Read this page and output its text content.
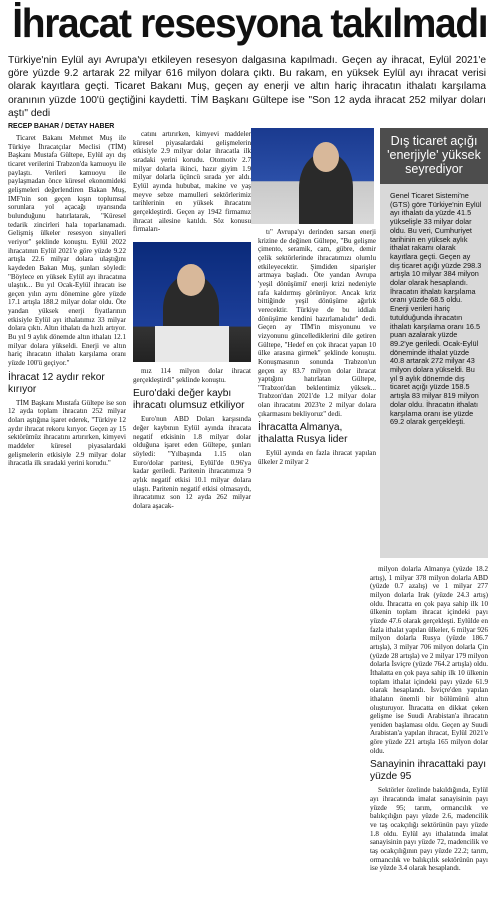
İhracat resesyona takılmadı
Türkiye'nin Eylül ayı Avrupa'yı etkileyen resesyon dalgasına kapılmadı. Geçen ay ihracat, Eylül 2021'e göre yüzde 9.2 artarak 22 milyar 616 milyon dolara çıktı. Bu rakam, en yüksek Eylül ayı ihracat verisi olarak kayıtlara geçti. Ticaret Bakanı Muş, geçen ay enerji ve altın hariç ihracatın ithalatı karşılama oranının yüzde 100'ü geçtiğini kaydetti. TİM Başkanı Gültepe ise "Son 12 ayda ihracat 252 milyar doları aştı" dedi
RECEP BAHAR / DETAY HABER

Ticaret Bakanı Mehmet Muş ile Türkiye İhracatçılar Meclisi (TİM) Başkanı Mustafa Gültepe, Eylül ayı dış ticaret verilerini Trabzon'da kamuoyu ile paylaştı. Verileri kamuoyu ile paylaşmadan önce küresel ekonomideki gelişmeleri değerlendiren Bakan Muş, IMF'nin son geçen kışın toplumsal sorunlara yol açacağı uyarısında bulunduğunu hatırlatarak, "Küresel tedarik zincirleri hala toparlanamadı. Gelişmiş ülkeler resesyon sinyalleri veriyor" şeklinde konuştu. Eylül 2022 ihracatının Eylül 2021'e göre yüzde 9.22 artışla 22.6 milyar dolara ulaştığını kaydeden Bakan Muş, şunları söyledi: "Böylece en yüksek Eylül ayı ihracatına ulaştık... Bu yıl Ocak-Eylül ihracatı ise geçen yılın aynı dönemine göre yüzde 17.1 artışla 188.2 milyar dolar oldu. Öte yandan yüksek enerji fiyatlarının etkisiyle Eylül ayı ithalatımız 33 milyar dolara çıktı. Altın ithalatı da hızlı artıyor. Bu yıl 9 aylık dönemde altın ithalatı 12.1 milyar dolara yükseldi. Enerji ve altın hariç ihracatın ithalatı karşılama oranı yüzde 100'ü geçiyor."

İhracat 12 aydır rekor kırıyor

TİM Başkanı Mustafa Gültepe ise son 12 ayda toplam ihracatın 252 milyar doları aştığına işaret ederek, "Türkiye 12 aydır ihracat rekoru kırıyor. Geçen ay 15 sektörümüz ihracatını artırırken, kimyevi maddeler küresel piyasalardaki gelişmelerin etkisiyle 2.9 milyar dolar ihracatla ilk sıradaki yerini korudu."

catını artırırken, kimyevi maddeler küresel piyasalardaki gelişmelerin etkisiyle 2.9 milyar dolar ihracatla ilk sıradaki yerini korudu. Otomotiv 2.7 milyar dolarla ikinci, hazır giyim 1.9 milyar dolarla üçüncü sırada yer aldı. Eylül ayında hububat, makine ve yaş meyve sebze mamulleri sektörlerimiz tarihlerinin en yüksek ihracatını gerçekleştirdi. Geçen ay 1942 firmamız ihracat ailesine katıldı. Söz konusu firmaları-

mız 114 milyon dolar ihracat gerçekleştirdi" şeklinde konuştu.

Euro'daki değer kaybı ihracatı olumsuz etkiliyor

Euro'nun ABD Doları karşısında değer kaybının Eylül ayında ihracata negatif etkisinin 1.8 milyar dolar olduğuna işaret eden Gültepe, şunları söyledi: "Yılbaşında 1.15 olan Euro/dolar paritesi, Eylül'de 0.96'ya kadar geriledi. Paritenin ihracatımıza 9 aylık negatif etkisi 10.1 milyar dolara ulaştı. Paritenin negatif etkisi olmasaydı, ihracatımız son 12 ayda 262 milyar dolara aşacak-

tı" Avrupa'yı derinden sarsan enerji krizine de değinen Gültepe, "Bu gelişme çimento, seramik, cam, gübre, demir çelik sektörlerinde ihracatımızı olumlu etkileyecektir. Şimdiden siparişler artmaya başladı. Öte yandan Avrupa 'yeşil dönüşümü' enerji krizi nedeniyle rafa kaldırmış görünüyor. Ancak kriz bittiğinde yeşil dönüşüme ağırlık verecektir. Türkiye de bu iddialı dönüşüme kendini hazırlamalıdır" dedi. Geçen ay TİM'in misyonunu ve vizyonunu güncellediklerini dile getiren Gültepe, "Hedef en çok ihracat yapan 10 ülke arasına girmek" şeklinde konuştu. Konuşmasının sonunda Trabzon'un geçen ay 83.7 milyon dolar ihracat yaptığını hatırlatan Gültepe, "Trabzon'dan beklentimiz yüksek... Trabzon'dan 2021'de 1.2 milyar dolar olan ihracatını 2023'te 2 milyar dolara çıkarmasını bekliyoruz" dedi.

İhracatta Almanya, ithalatta Rusya lider

Eylül ayında en fazla ihracat yapılan ülkeler 2 milyar 2

milyon dolarla Almanya (yüzde 18.2 artış), 1 milyar 378 milyon dolarla ABD (yüzde 0.7 azalış) ve 1 milyar 277 milyon dolarla Irak (yüzde 24.3 artış) oldu. İhracatta en çok paya sahip ilk 10 ülkenin toplam ihracat içindeki payı yüzde 47.6 olarak gerçekleşti. Eylülde en fazla ithalat yapılan ülkeler, 6 milyar 926 milyon dolarla Rusya (yüzde 186.7 artışla), 3 milyar 706 milyon dolarla Çin (yüzde 28 artışla) ve 2 milyar 179 milyon dolarla İsviçre (yüzde 764.2 artışla) oldu. İthalatta en çok paya sahip ilk 10 ülkenin toplam ithalat içindeki payı yüzde 61.9 olarak hesaplandı. İsviçre'den yapılan ithalatın önemli bir bölümünü altın oluşturuyor. İhracatta en dikkat çeken gelişme ise Suudi Arabistan'a ihracatın yeniden başlaması oldu. Geçen ay Suudi Arabistan'a yapılan ihracat, Eylül 2021'e göre yüzde 221 artışla 165 milyon dolar oldu.

Sanayinin ihracattaki payı yüzde 95

Sektörler özelinde bakıldığında, Eylül ayı ihracatında imalat sanayisinin payı yüzde 95; tarım, ormancılık ve balıkçılığın payı yüzde 2.6, madencilik ve taş ocakçılığı sektörünün payı yüzde 1.8 oldu. Eylül ayı ithalatında imalat sanayisinin payı yüzde 72, madencilik ve taş ocakçılığının payı yüzde 22.2; tarım, ormancılık ve balıkçılık sektörünün payı ise yüzde 3.4 olarak hesaplandı.

Dış ticaret açığı 'enerjiyle' yüksek seyrediyor
Genel Ticaret Sistemi'ne (GTS) göre Türkiye'nin Eylül ayı ithalatı da yüzde 41.5 yükselişle 33 milyar dolar oldu. Bu veri, Cumhuriyet tarihinin en yüksek aylık ithalat rakamı olarak kayıtlara geçti. Geçen ay dış ticaret açığı yüzde 298.3 artışla 10 milyar 384 milyon dolar olarak hesaplandı. İhracatın ithalatı karşılama oranı yüzde 68.5 oldu. Enerji verileri hariç tutulduğunda ihracatın ithalatı karşılama oranı 16.5 puan azalarak yüzde 89.2'ye geriledi. Ocak-Eylül döneminde ithalat yüzde 40.8 artarak 272 milyar 43 milyon dolara yükseldi. Bu yıl 9 aylık dönemde dış ticaret açığı yüzde 158.5 artışla 83 milyar 819 milyon dolar oldu. İhracatın ithalatı karşılama oranı ise yüzde 69.2 olarak gerçekleşti.
